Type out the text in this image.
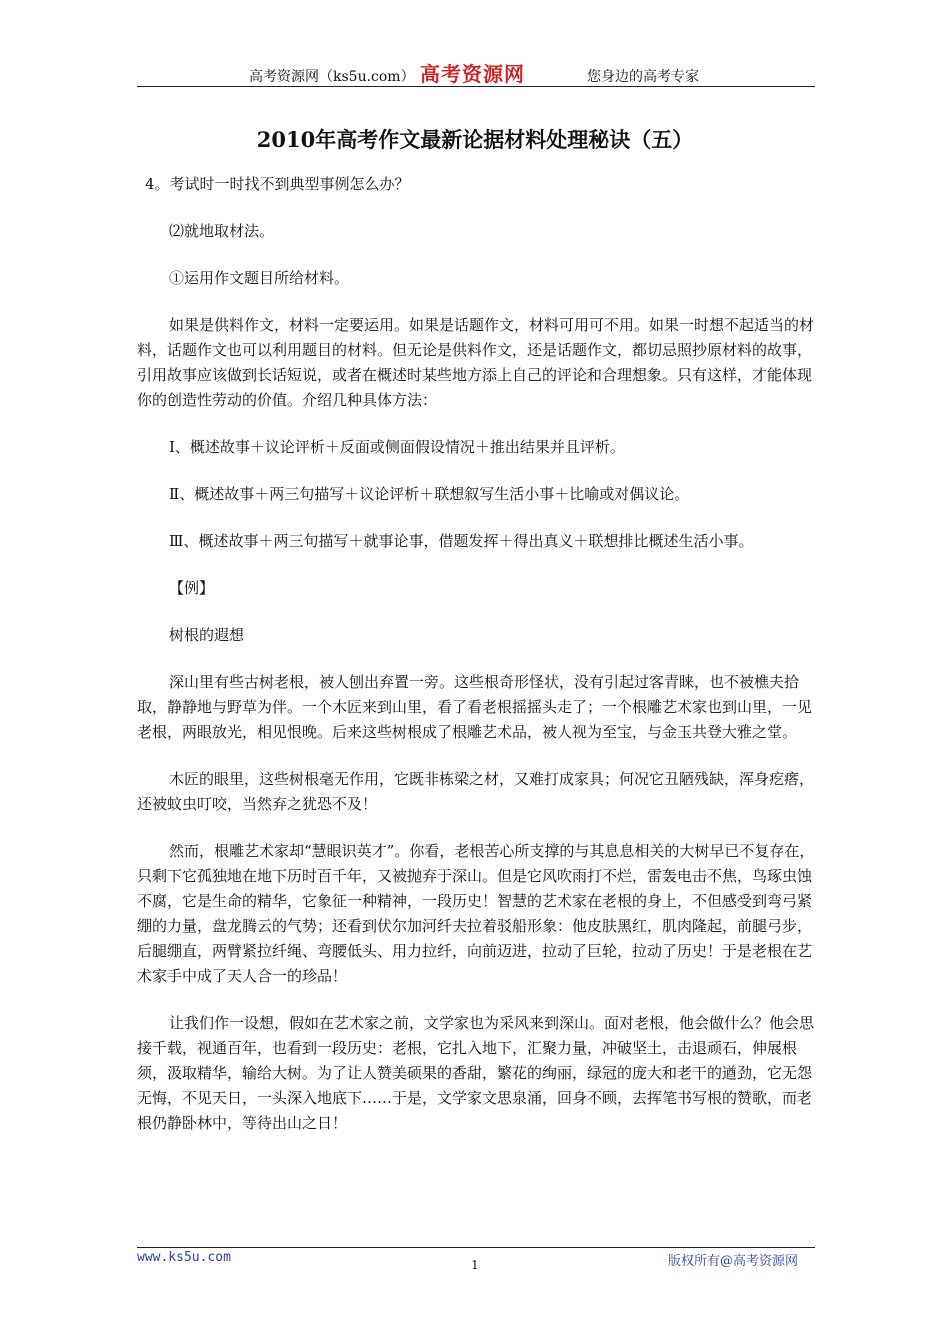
高考资源网（ks5u.com） 高考资源网	您身边的高考专家
2010年高考作文最新论据材料处理秘诀（五）

4。考试时一时找不到典型事例怎么办？

⑵就地取材法。

①运用作文题目所给材料。

如果是供料作文，材料一定要运用。如果是话题作文，材料可用可不用。如果一时想不起适当的材料，话题作文也可以利用题目的材料。但无论是供料作文，还是话题作文，都切忌照抄原材料的故事，引用故事应该做到长话短说，或者在概述时某些地方添上自己的评论和合理想象。只有这样，才能体现你的创造性劳动的价值。介绍几种具体方法：

Ⅰ、概述故事＋议论评析＋反面或侧面假设情况＋推出结果并且评析。

Ⅱ、概述故事＋两三句描写＋议论评析＋联想叙写生活小事＋比喻或对偶议论。

Ⅲ、概述故事＋两三句描写＋就事论事，借题发挥＋得出真义＋联想排比概述生活小事。

【例】

树根的遐想

深山里有些古树老根，被人刨出弃置一旁。这些根奇形怪状，没有引起过客青睐，也不被樵夫拾取，静静地与野草为伴。一个木匠来到山里，看了看老根摇摇头走了；一个根雕艺术家也到山里，一见老根，两眼放光，相见恨晚。后来这些树根成了根雕艺术品，被人视为至宝，与金玉共登大雅之堂。

木匠的眼里，这些树根毫无作用，它既非栋梁之材，又难打成家具；何况它丑陋残缺，浑身疙瘩，还被蚊虫叮咬，当然弃之犹恐不及！

然而，根雕艺术家却“慧眼识英才”。你看，老根苦心所支撑的与其息息相关的大树早已不复存在，只剩下它孤独地在地下历时百千年，又被抛弃于深山。但是它风吹雨打不烂，雷轰电击不焦，鸟琢虫蚀不腐，它是生命的精华，它象征一种精神，一段历史！智慧的艺术家在老根的身上，不但感受到弯弓紧绷的力量，盘龙腾云的气势；还看到伏尔加河纤夫拉着驳船形象：他皮肤黑红，肌肉隆起，前腿弓步，后腿绷直，两臂紧拉纤绳、弯腰低头、用力拉纤，向前迈进，拉动了巨轮，拉动了历史！于是老根在艺术家手中成了天人合一的珍品！

让我们作一设想，假如在艺术家之前，文学家也为采风来到深山。面对老根，他会做什么？他会思接千载，视通百年，也看到一段历史：老根，它扎入地下，汇聚力量，冲破坚土，击退顽石，伸展根须，汲取精华，输给大树。为了让人赞美硕果的香甜，繁花的绚丽，绿冠的庞大和老干的遒劲，它无怨无悔，不见天日，一头深入地底下……于是，文学家文思泉涌，回身不顾，去挥笔书写根的赞歌，而老根仍静卧林中，等待出山之日！

www.ks5u.com	1	版权所有@高考资源网
